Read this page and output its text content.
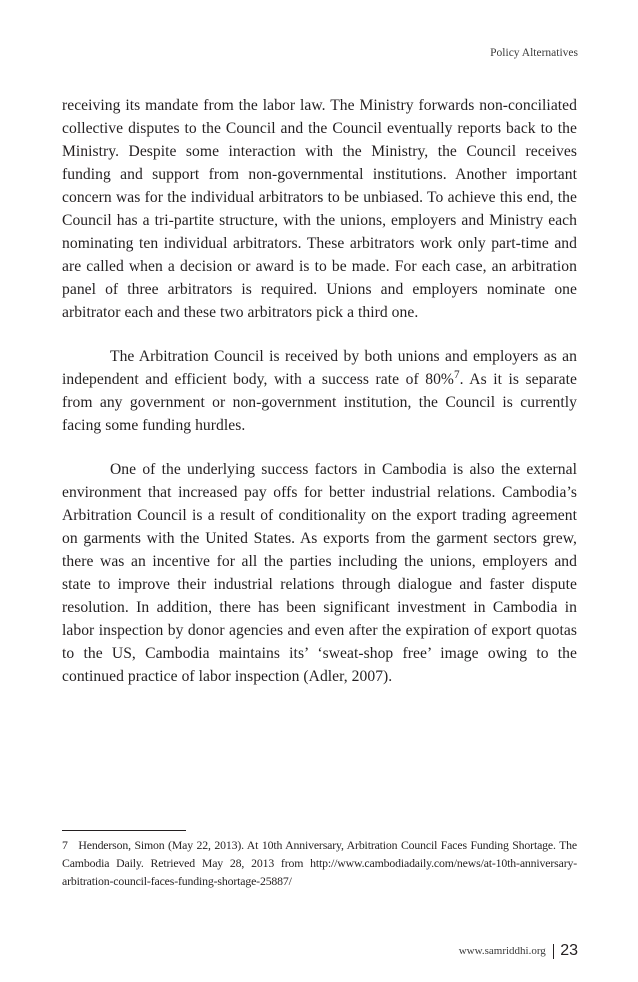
Policy Alternatives

receiving its mandate from the labor law. The Ministry forwards non-conciliated collective disputes to the Council and the Council eventually reports back to the Ministry. Despite some interaction with the Ministry, the Council receives funding and support from non-governmental institutions. Another important concern was for the individual arbitrators to be unbiased. To achieve this end, the Council has a tri-partite structure, with the unions, employers and Ministry each nominating ten individual arbitrators. These arbitrators work only part-time and are called when a decision or award is to be made. For each case, an arbitration panel of three arbitrators is required. Unions and employers nominate one arbitrator each and these two arbitrators pick a third one.

The Arbitration Council is received by both unions and employers as an independent and efficient body, with a success rate of 80%$^7$. As it is separate from any government or non-government institution, the Council is currently facing some funding hurdles.

One of the underlying success factors in Cambodia is also the external environment that increased pay offs for better industrial relations. Cambodia’s Arbitration Council is a result of conditionality on the export trading agreement on garments with the United States. As exports from the garment sectors grew, there was an incentive for all the parties including the unions, employers and state to improve their industrial relations through dialogue and faster dispute resolution. In addition, there has been significant investment in Cambodia in labor inspection by donor agencies and even after the expiration of export quotas to the US, Cambodia maintains its’ ‘sweat-shop free’ image owing to the continued practice of labor inspection (Adler, 2007).

7 Henderson, Simon (May 22, 2013). At 10th Anniversary, Arbitration Council Faces Funding Shortage. The Cambodia Daily. Retrieved May 28, 2013 from http://www.cambodiadaily.com/news/at-10th-anniversary-arbitration-council-faces-funding-shortage-25887/
www.samriddhi.org 23
